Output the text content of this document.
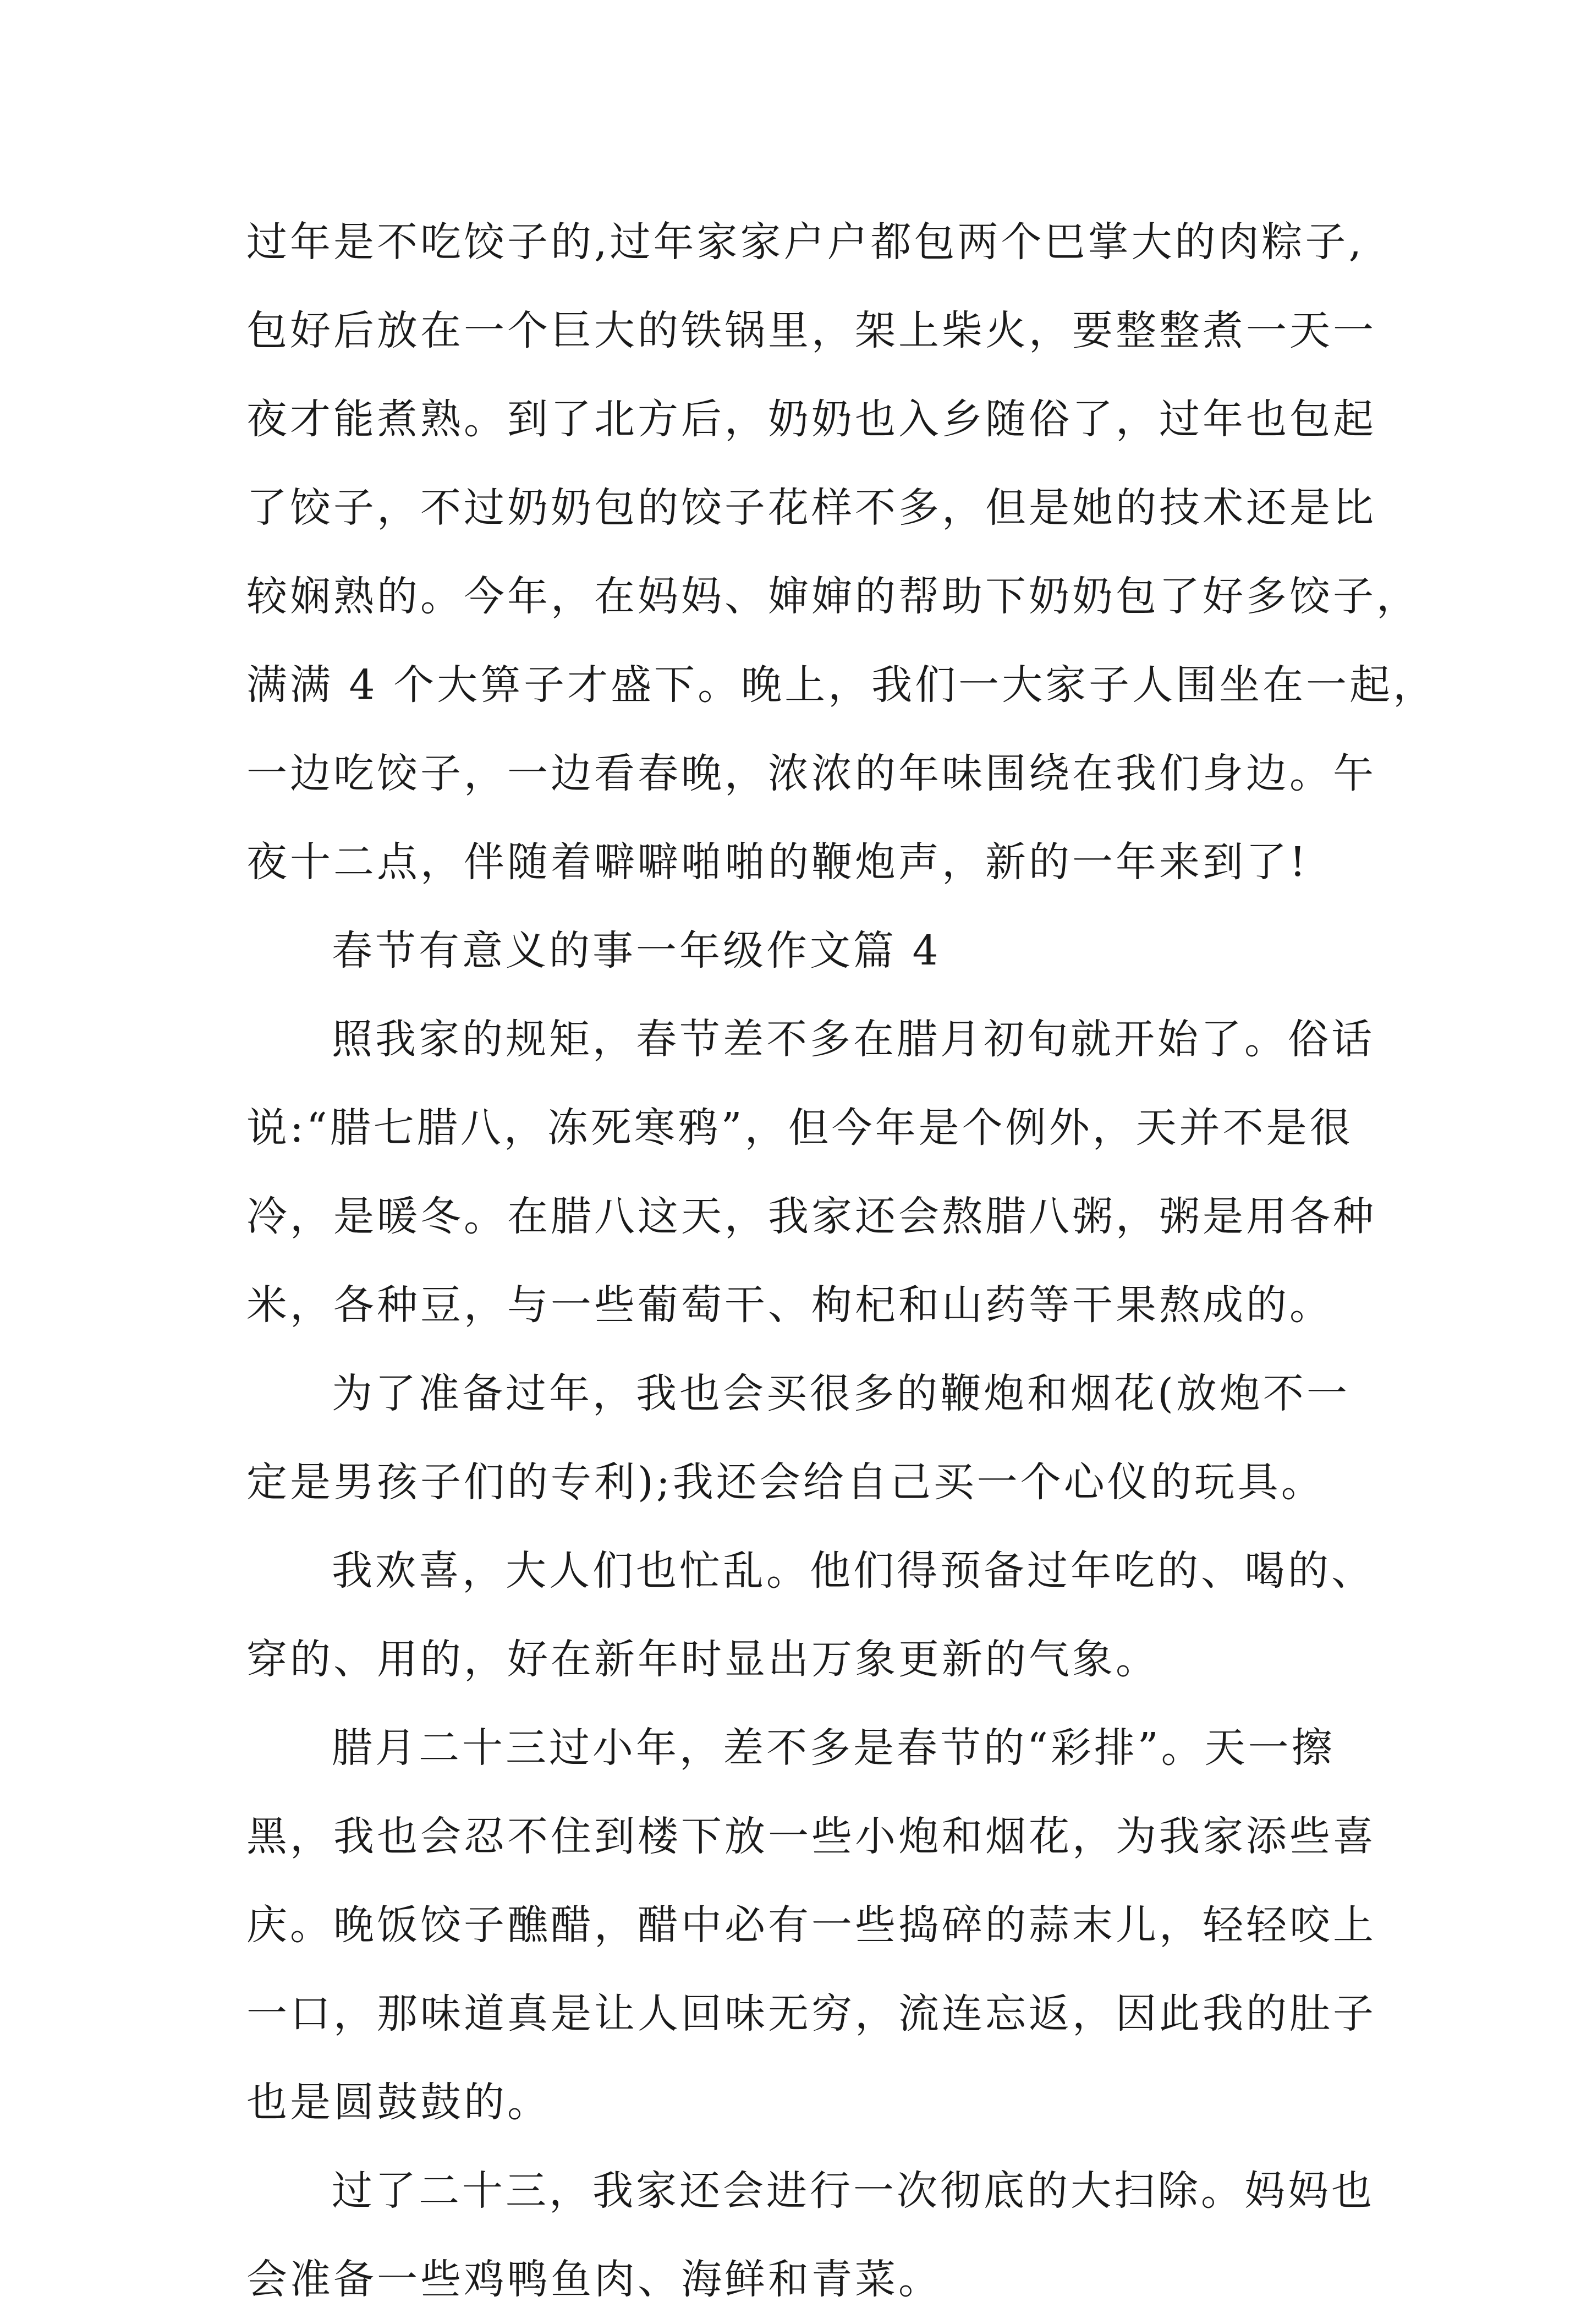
过年是不吃饺子的,过年家家户户都包两个巴掌大的肉粽子,
包好后放在一个巨大的铁锅里，架上柴火，要整整煮一天一
夜才能煮熟。到了北方后，奶奶也入乡随俗了，过年也包起
了饺子，不过奶奶包的饺子花样不多，但是她的技术还是比
较娴熟的。今年，在妈妈、婶婶的帮助下奶奶包了好多饺子，
满满 4 个大箅子才盛下。晚上，我们一大家子人围坐在一起，
一边吃饺子，一边看春晚，浓浓的年味围绕在我们身边。午
夜十二点，伴随着噼噼啪啪的鞭炮声，新的一年来到了!
春节有意义的事一年级作文篇 4
照我家的规矩，春节差不多在腊月初旬就开始了。俗话
说:“腊七腊八，冻死寒鸦”，但今年是个例外，天并不是很
冷，是暖冬。在腊八这天，我家还会熬腊八粥，粥是用各种
米，各种豆，与一些葡萄干、枸杞和山药等干果熬成的。
为了准备过年，我也会买很多的鞭炮和烟花(放炮不一
定是男孩子们的专利);我还会给自己买一个心仪的玩具。
我欢喜，大人们也忙乱。他们得预备过年吃的、喝的、
穿的、用的，好在新年时显出万象更新的气象。
腊月二十三过小年，差不多是春节的“彩排”。天一擦
黑，我也会忍不住到楼下放一些小炮和烟花，为我家添些喜
庆。晚饭饺子醮醋，醋中必有一些捣碎的蒜末儿，轻轻咬上
一口，那味道真是让人回味无穷，流连忘返，因此我的肚子
也是圆鼓鼓的。
过了二十三，我家还会进行一次彻底的大扫除。妈妈也
会准备一些鸡鸭鱼肉、海鲜和青菜。
